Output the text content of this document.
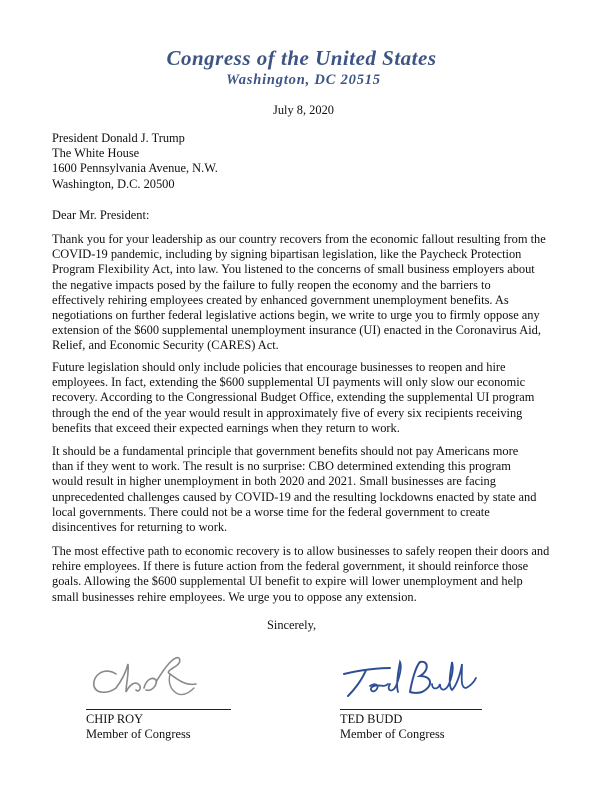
Congress of the United States
Washington, DC 20515
July 8, 2020
President Donald J. Trump
The White House
1600 Pennsylvania Avenue, N.W.
Washington, D.C. 20500
Dear Mr. President:
Thank you for your leadership as our country recovers from the economic fallout resulting from the
COVID-19 pandemic, including by signing bipartisan legislation, like the Paycheck Protection
Program Flexibility Act, into law. You listened to the concerns of small business employers about
the negative impacts posed by the failure to fully reopen the economy and the barriers to
effectively rehiring employees created by enhanced government unemployment benefits. As
negotiations on further federal legislative actions begin, we write to urge you to firmly oppose any
extension of the $600 supplemental unemployment insurance (UI) enacted in the Coronavirus Aid,
Relief, and Economic Security (CARES) Act.
Future legislation should only include policies that encourage businesses to reopen and hire
employees. In fact, extending the $600 supplemental UI payments will only slow our economic
recovery. According to the Congressional Budget Office, extending the supplemental UI program
through the end of the year would result in approximately five of every six recipients receiving
benefits that exceed their expected earnings when they return to work.
It should be a fundamental principle that government benefits should not pay Americans more
than if they went to work. The result is no surprise: CBO determined extending this program
would result in higher unemployment in both 2020 and 2021. Small businesses are facing
unprecedented challenges caused by COVID-19 and the resulting lockdowns enacted by state and
local governments. There could not be a worse time for the federal government to create
disincentives for returning to work.
The most effective path to economic recovery is to allow businesses to safely reopen their doors and
rehire employees. If there is future action from the federal government, it should reinforce those
goals. Allowing the $600 supplemental UI benefit to expire will lower unemployment and help
small businesses rehire employees. We urge you to oppose any extension.
Sincerely,
CHIP ROY
Member of Congress
TED BUDD
Member of Congress
